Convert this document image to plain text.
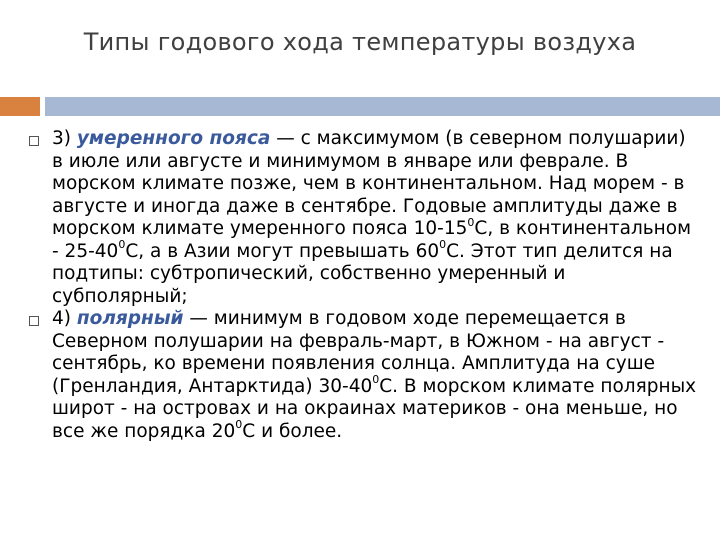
Типы годового хода температуры воздуха
3) умеренного пояса — с максимумом (в северном полушарии) в июле или августе и минимумом в январе или феврале. В морском климате позже, чем в континентальном. Над морем - в августе и иногда даже в сентябре. Годовые амплитуды даже в морском климате умеренного пояса $10-15^0С$, в континентальном - $25-40^0С$, а в Азии могут превышать $60^0С$. Этот тип делится на подтипы: субтропический, собственно умеренный и субполярный;
4) полярный — минимум в годовом ходе перемещается в Северном полушарии на февраль-март, в Южном - на август - сентябрь, ко времени появления солнца. Амплитуда на суше (Гренландия, Антарктида) $30-40^0С$. В морском климате полярных широт - на островах и на окраинах материков - она меньше, но все же порядка $20^0С$ и более.
